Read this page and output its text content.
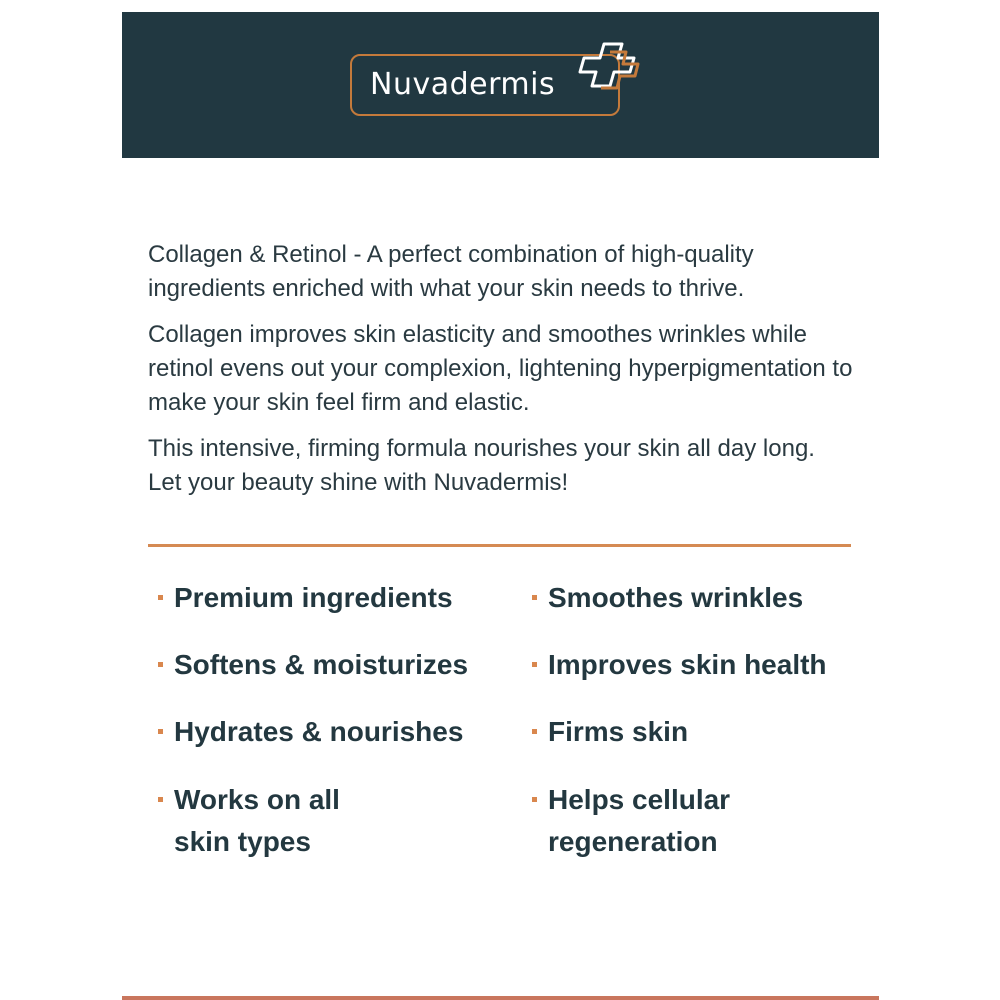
Nuvadermis

Collagen & Retinol - A perfect combination of high-quality ingredients enriched with what your skin needs to thrive.

Collagen improves skin elasticity and smoothes wrinkles while retinol evens out your complexion, lightening hyperpigmentation to make your skin feel firm and elastic.

This intensive, firming formula nourishes your skin all day long. Let your beauty shine with Nuvadermis!

Premium ingredients
Softens & moisturizes
Hydrates & nourishes
Works on all skin types
Smoothes wrinkles
Improves skin health
Firms skin
Helps cellular regeneration
